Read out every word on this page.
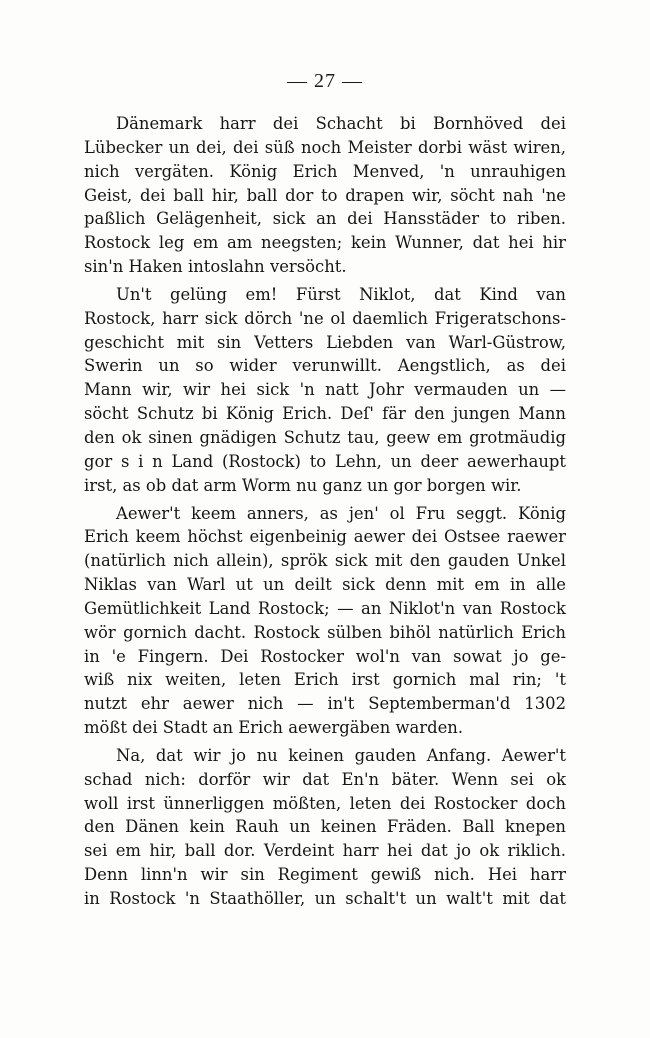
— 27 —
Dänemark harr dei Schacht bi Bornhöved dei
Lübecker un dei, dei süß noch Meister dorbi wäst wiren,
nich vergäten. König Erich Menved, 'n unrauhigen
Geist, dei ball hir, ball dor to drapen wir, söcht nah 'ne
paßlich Gelägenheit, sick an dei Hansstäder to riben.
Rostock leg em am neegsten; kein Wunner, dat hei hir
sin'n Haken intoslahn versöcht.
Un't gelüng em! Fürst Niklot, dat Kind van
Rostock, harr sick dörch 'ne ol daemlich Frigeratschons-
geschicht mit sin Vetters Liebden van Warl-Güstrow,
Swerin un so wider verunwillt. Aengstlich, as dei
Mann wir, wir hei sick 'n natt Johr vermauden un —
söcht Schutz bi König Erich. Deſ' fär den jungen Mann
den ok sinen gnädigen Schutz tau, geew em grotmäudig
gor s i n Land (Rostock) to Lehn, un deer aewerhaupt
irst, as ob dat arm Worm nu ganz un gor borgen wir.
Aewer't keem anners, as jen' ol Fru seggt. König
Erich keem höchst eigenbeinig aewer dei Ostsee raewer
(natürlich nich allein), sprök sick mit den gauden Unkel
Niklas van Warl ut un deilt sick denn mit em in alle
Gemütlichkeit Land Rostock; — an Niklot'n van Rostock
wör gornich dacht. Rostock sülben bihöl natürlich Erich
in 'e Fingern. Dei Rostocker wol'n van sowat jo ge-
wiß nix weiten, leten Erich irst gornich mal rin; 't
nutzt ehr aewer nich — in't Septemberman'd 1302
mößt dei Stadt an Erich aewergäben warden.
Na, dat wir jo nu keinen gauden Anfang. Aewer't
schad nich: dorför wir dat En'n bäter. Wenn sei ok
woll irst ünnerliggen mößten, leten dei Rostocker doch
den Dänen kein Rauh un keinen Fräden. Ball knepen
sei em hir, ball dor. Verdeint harr hei dat jo ok riklich.
Denn linn'n wir sin Regiment gewiß nich. Hei harr
in Rostock 'n Staathöller, un schalt't un walt't mit dat
